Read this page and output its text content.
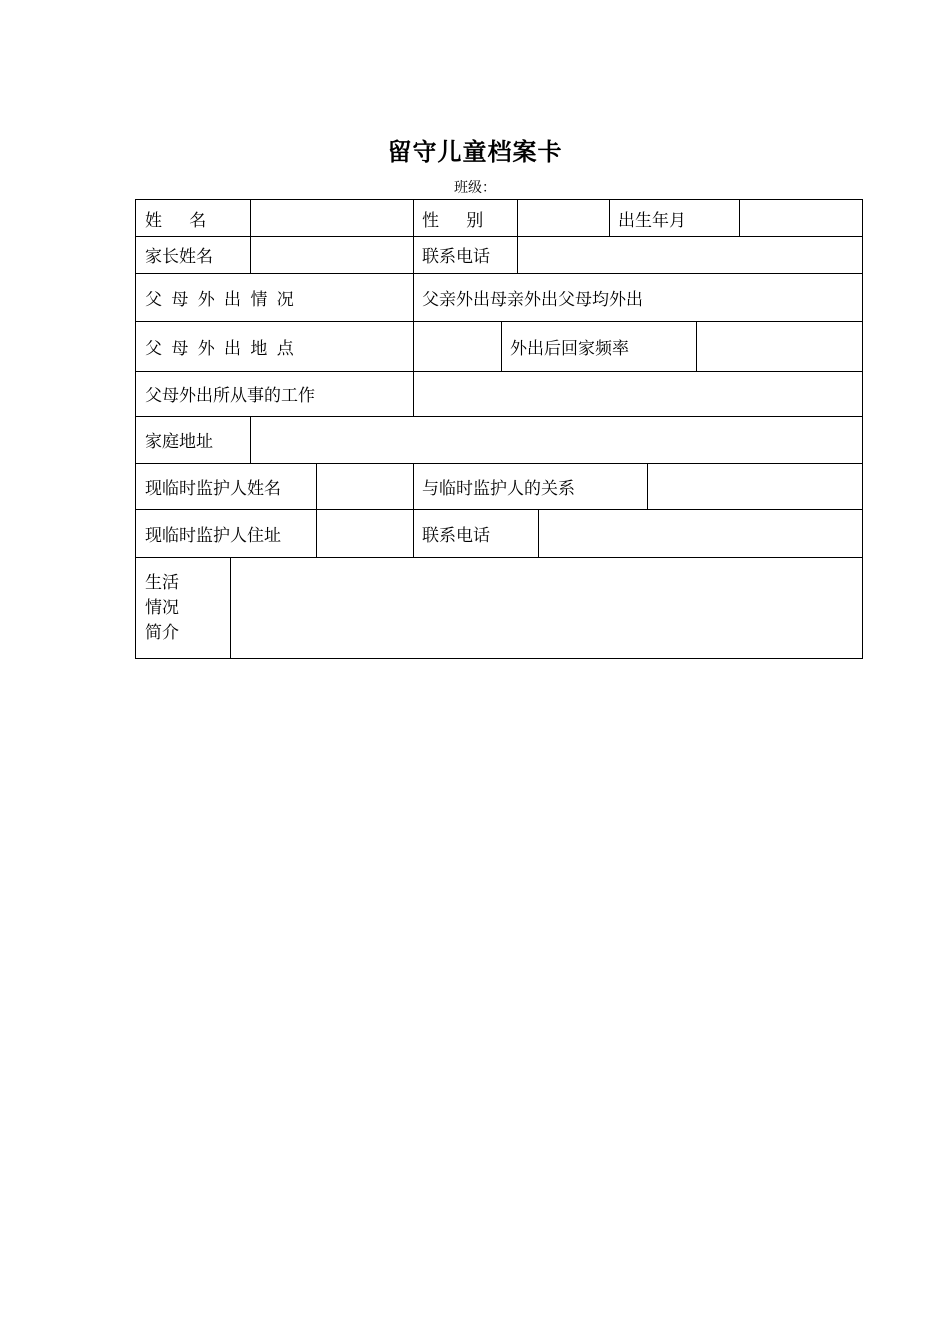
留守儿童档案卡
班级：
姓名	性别	出生年月
家长姓名	联系电话
父母外出情况	父亲外出母亲外出父母均外出
父母外出地点	外出后回家频率
父母外出所从事的工作
家庭地址
现临时监护人姓名	与临时监护人的关系
现临时监护人住址	联系电话
生活
情况
简介
